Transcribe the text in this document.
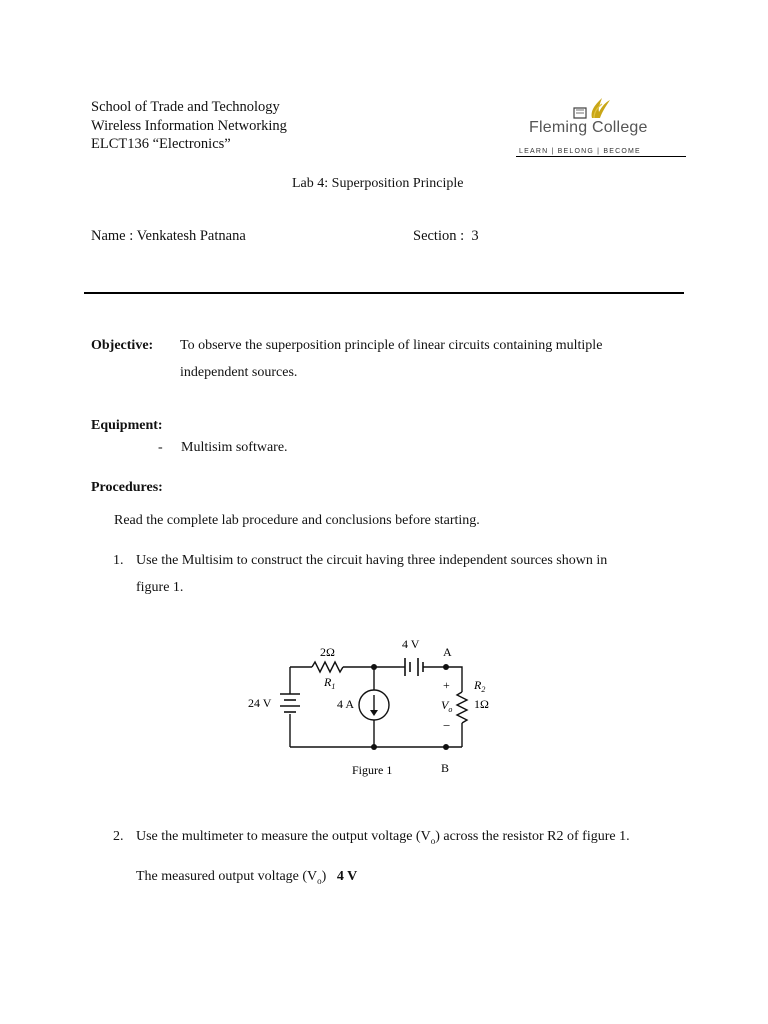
School of Trade and Technology
Wireless Information Networking
ELCT136 “Electronics”
Fleming College
LEARN | BELONG | BECOME
Lab 4: Superposition Principle
Name : Venkatesh Patnana	Section : 3
Objective: To observe the superposition principle of linear circuits containing multiple
independent sources.
Equipment:
- Multisim software.
Procedures:
Read the complete lab procedure and conclusions before starting.
1. Use the Multisim to construct the circuit having three independent sources shown in
figure 1.
2Ω
$R_1$
4 V
24 V	4 A
A
+
$V_o$
−
$R_2$
1Ω
Figure 1	B
2. Use the multimeter to measure the output voltage $(V_o)$ across the resistor R2 of figure 1.
The measured output voltage $(V_o)$ 4 V
